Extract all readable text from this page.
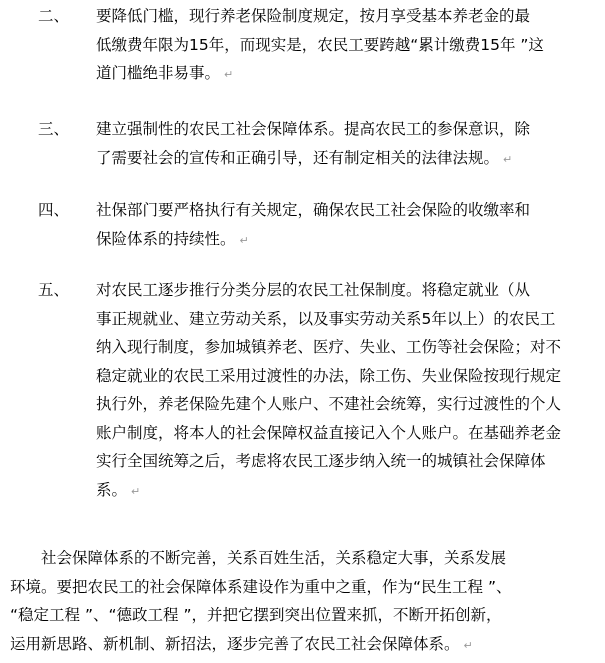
二、 要降低门槛，现行养老保险制度规定，按月享受基本养老金的最
低缴费年限为15年，而现实是，农民工要跨越“累计缴费15年 ”这
道门槛绝非易事。 ↵
三、 建立强制性的农民工社会保障体系。提高农民工的参保意识，除
了需要社会的宣传和正确引导，还有制定相关的法律法规。 ↵
四、 社保部门要严格执行有关规定，确保农民工社会保险的收缴率和
保险体系的持续性。 ↵
五、 对农民工逐步推行分类分层的农民工社保制度。将稳定就业（从
事正规就业、建立劳动关系，以及事实劳动关系5年以上）的农民工
纳入现行制度，参加城镇养老、医疗、失业、工伤等社会保险；对不
稳定就业的农民工采用过渡性的办法，除工伤、失业保险按现行规定
执行外，养老保险先建个人账户、不建社会统筹，实行过渡性的个人
账户制度，将本人的社会保障权益直接记入个人账户。在基础养老金
实行全国统筹之后，考虑将农民工逐步纳入统一的城镇社会保障体
系。 ↵
　　社会保障体系的不断完善，关系百姓生活，关系稳定大事，关系发展
环境。要把农民工的社会保障体系建设作为重中之重，作为“民生工程 ”、
“稳定工程 ”、“德政工程 ”，并把它摆到突出位置来抓，不断开拓创新，
运用新思路、新机制、新招法，逐步完善了农民工社会保障体系。 ↵
